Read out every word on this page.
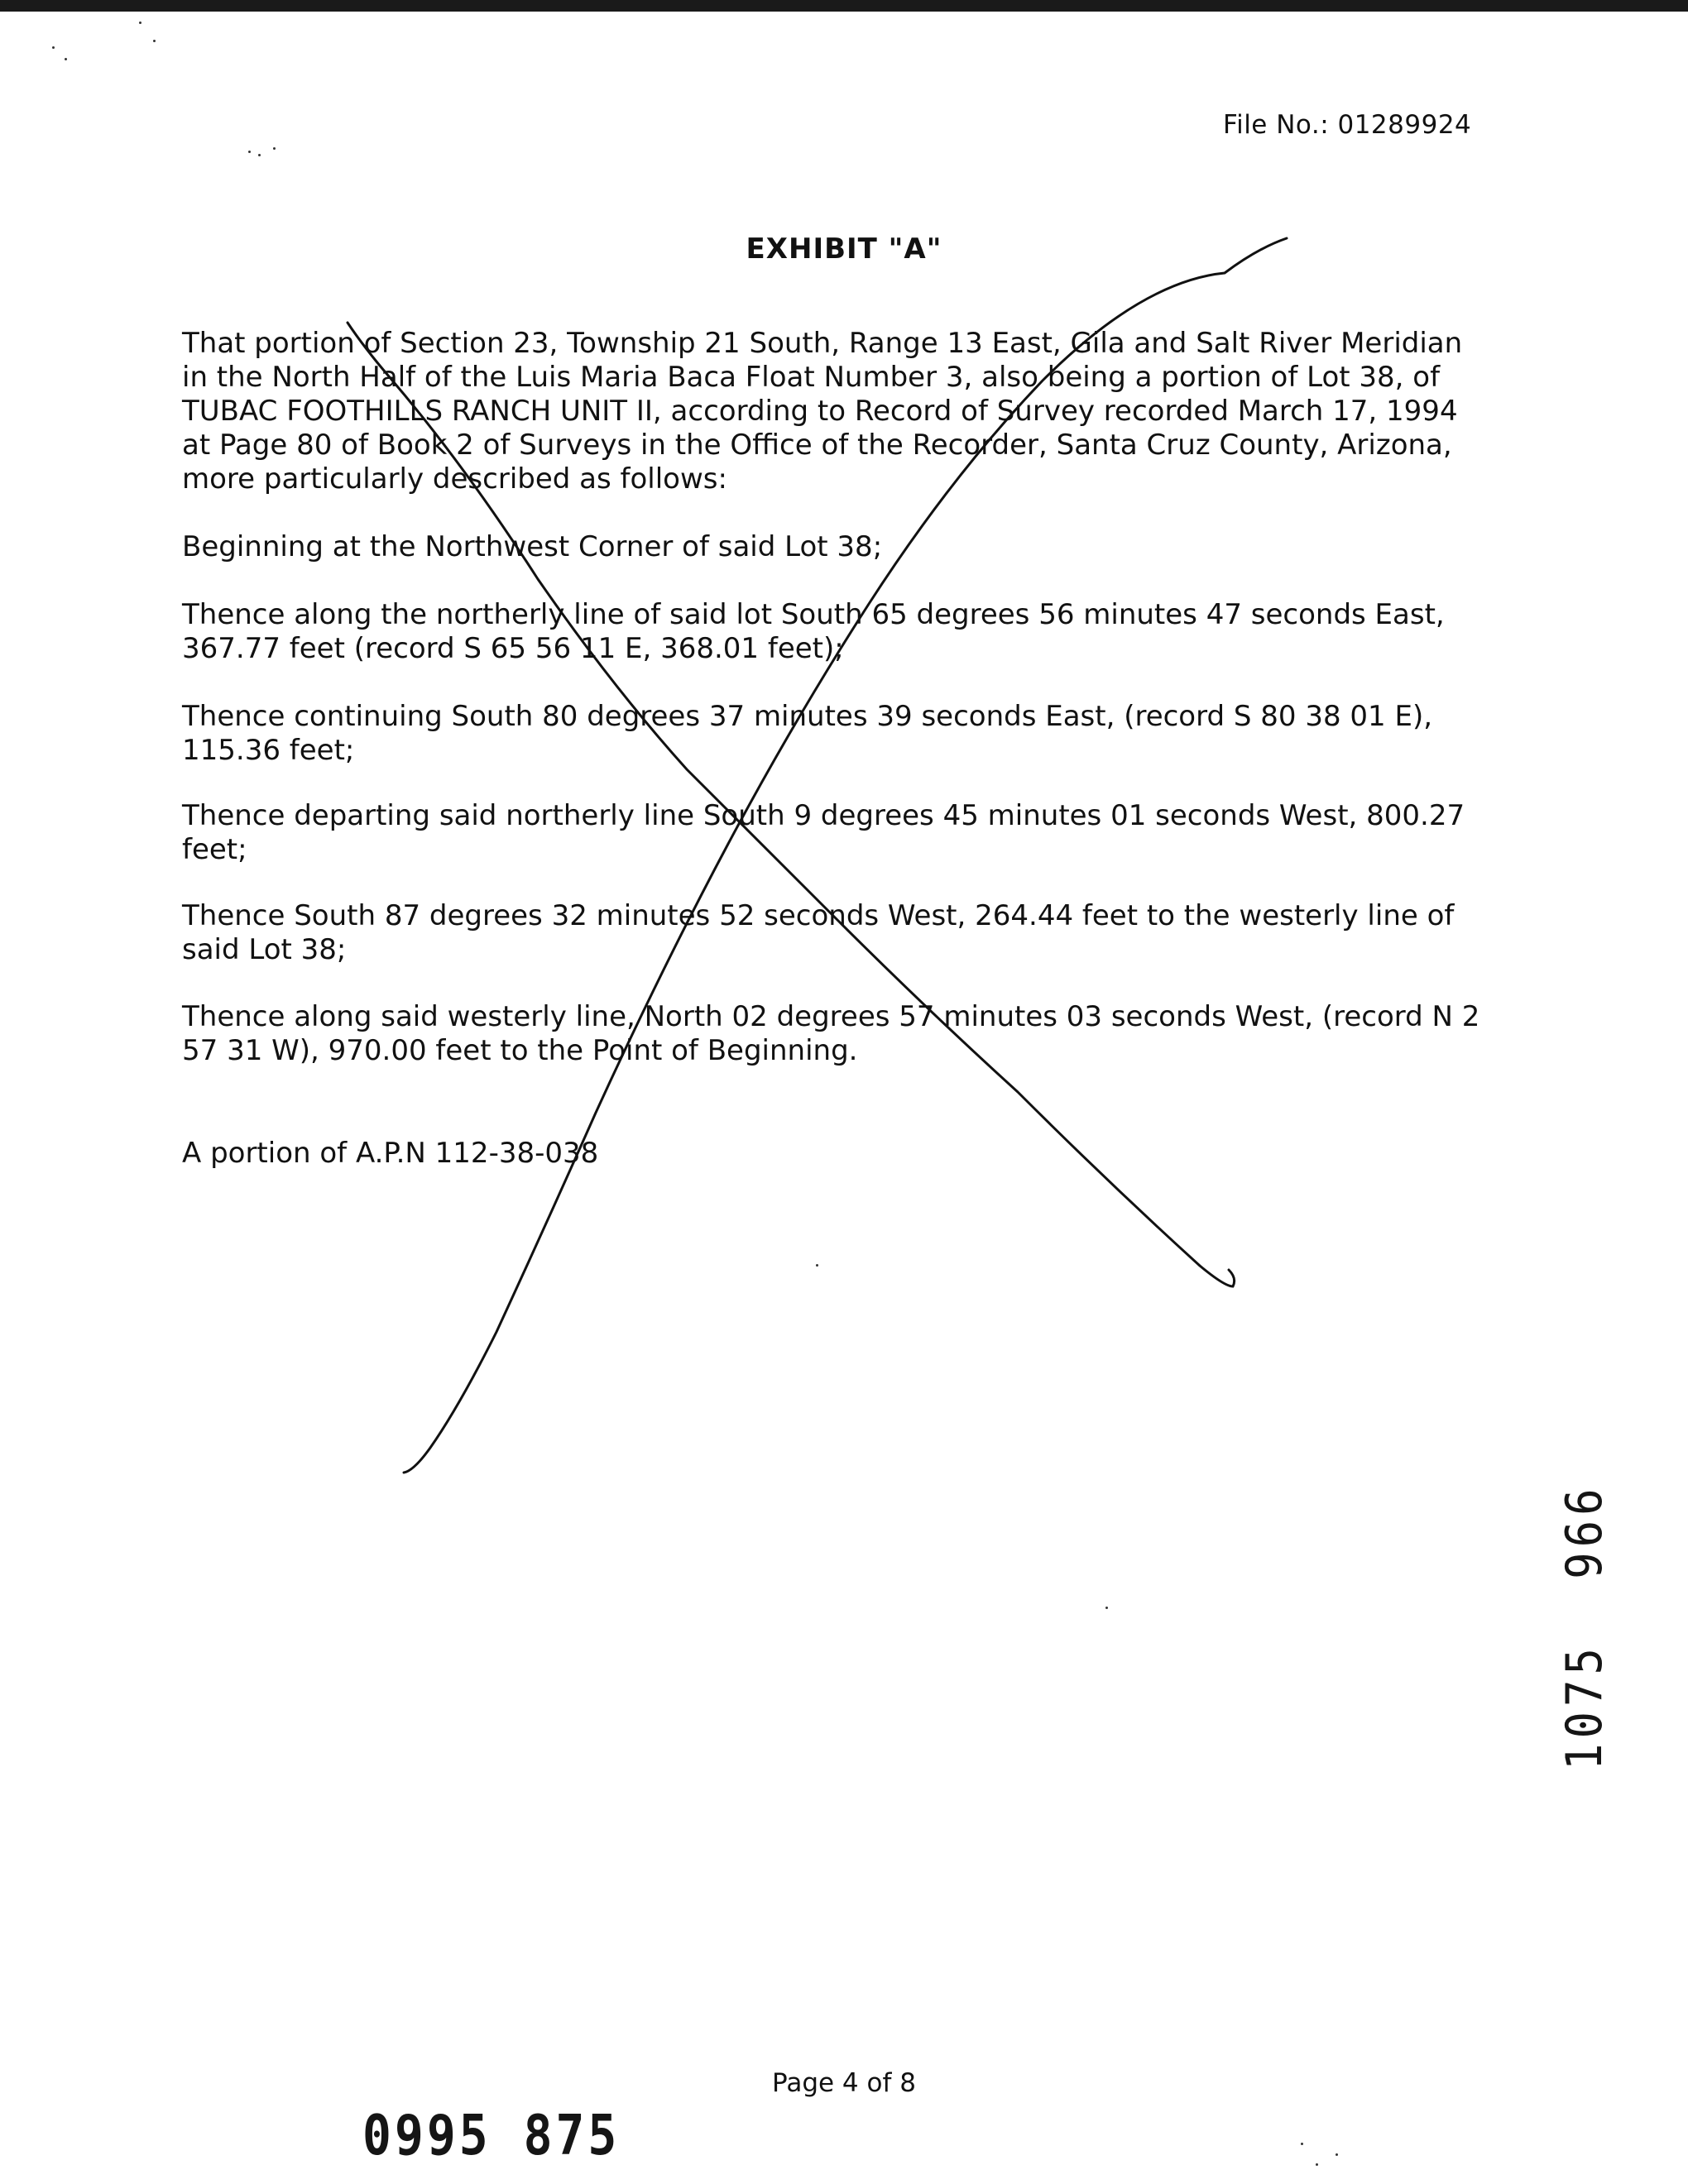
File No.: 01289924
EXHIBIT "A"

That portion of Section 23, Township 21 South, Range 13 East, Gila and Salt River Meridian
in the North Half of the Luis Maria Baca Float Number 3, also being a portion of Lot 38, of
TUBAC FOOTHILLS RANCH UNIT II, according to Record of Survey recorded March 17, 1994
at Page 80 of Book 2 of Surveys in the Office of the Recorder, Santa Cruz County, Arizona,
more particularly described as follows:

Beginning at the Northwest Corner of said Lot 38;

Thence along the northerly line of said lot South 65 degrees 56 minutes 47 seconds East,
367.77 feet (record S 65 56 11 E, 368.01 feet);

Thence continuing South 80 degrees 37 minutes 39 seconds East, (record S 80 38 01 E),
115.36 feet;

Thence departing said northerly line South 9 degrees 45 minutes 01 seconds West, 800.27
feet;

Thence South 87 degrees 32 minutes 52 seconds West, 264.44 feet to the westerly line of
said Lot 38;

Thence along said westerly line, North 02 degrees 57 minutes 03 seconds West, (record N 2
57 31 W), 970.00 feet to the Point of Beginning.

A portion of A.P.N 112-38-038

Page 4 of 8
0995 875
1075  966
